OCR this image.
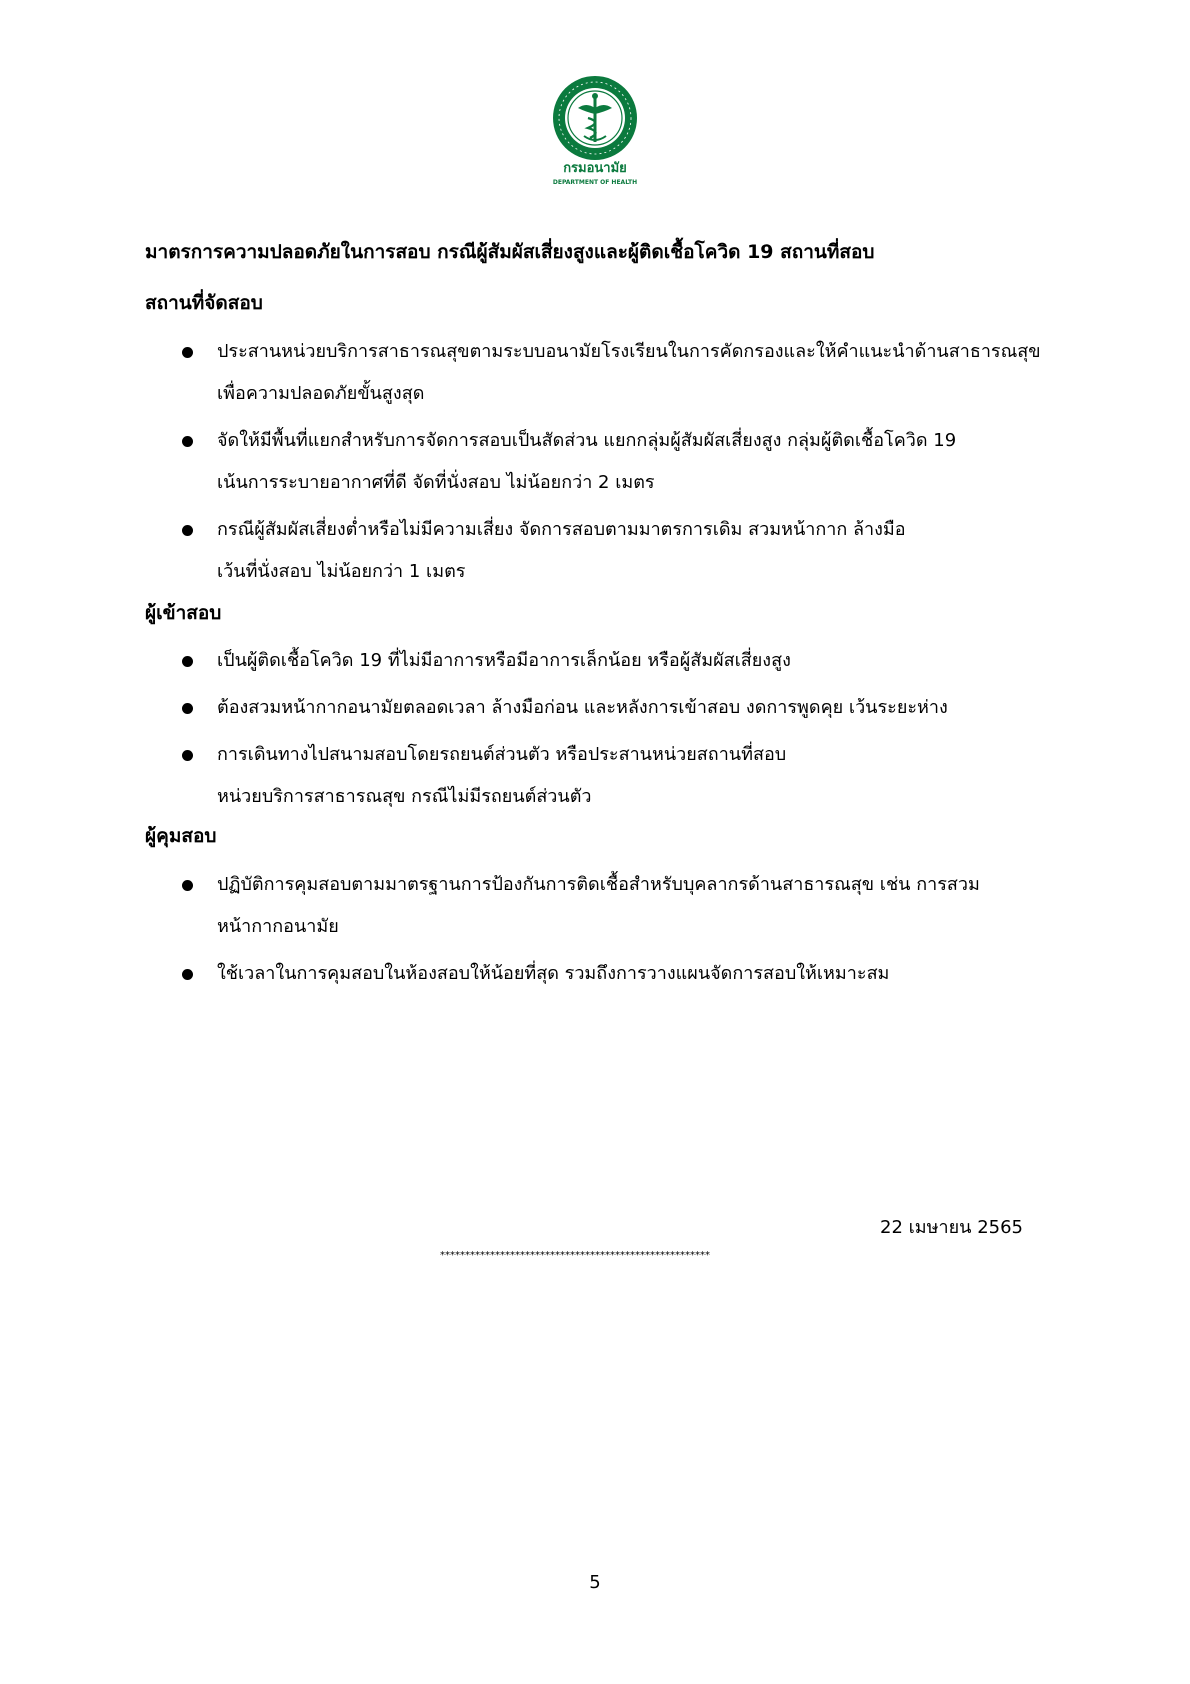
กรมอนามัย
DEPARTMENT OF HEALTH
มาตรการความปลอดภัยในการสอบ กรณีผู้สัมผัสเสี่ยงสูงและผู้ติดเชื้อโควิด 19 สถานที่สอบ
สถานที่จัดสอบ
ประสานหน่วยบริการสาธารณสุขตามระบบอนามัยโรงเรียนในการคัดกรองและให้คำแนะนำด้านสาธารณสุข
เพื่อความปลอดภัยขั้นสูงสุด
จัดให้มีพื้นที่แยกสำหรับการจัดการสอบเป็นสัดส่วน แยกกลุ่มผู้สัมผัสเสี่ยงสูง กลุ่มผู้ติดเชื้อโควิด 19
เน้นการระบายอากาศที่ดี จัดที่นั่งสอบ ไม่น้อยกว่า 2 เมตร
กรณีผู้สัมผัสเสี่ยงต่ำหรือไม่มีความเสี่ยง จัดการสอบตามมาตรการเดิม สวมหน้ากาก ล้างมือ
เว้นที่นั่งสอบ ไม่น้อยกว่า 1 เมตร
ผู้เข้าสอบ
เป็นผู้ติดเชื้อโควิด 19 ที่ไม่มีอาการหรือมีอาการเล็กน้อย หรือผู้สัมผัสเสี่ยงสูง
ต้องสวมหน้ากากอนามัยตลอดเวลา ล้างมือก่อน และหลังการเข้าสอบ งดการพูดคุย เว้นระยะห่าง
การเดินทางไปสนามสอบโดยรถยนต์ส่วนตัว หรือประสานหน่วยสถานที่สอบ
หน่วยบริการสาธารณสุข กรณีไม่มีรถยนต์ส่วนตัว
ผู้คุมสอบ
ปฏิบัติการคุมสอบตามมาตรฐานการป้องกันการติดเชื้อสำหรับบุคลากรด้านสาธารณสุข เช่น การสวม
หน้ากากอนามัย
ใช้เวลาในการคุมสอบในห้องสอบให้น้อยที่สุด รวมถึงการวางแผนจัดการสอบให้เหมาะสม
22 เมษายน 2565
******************************************************
5
